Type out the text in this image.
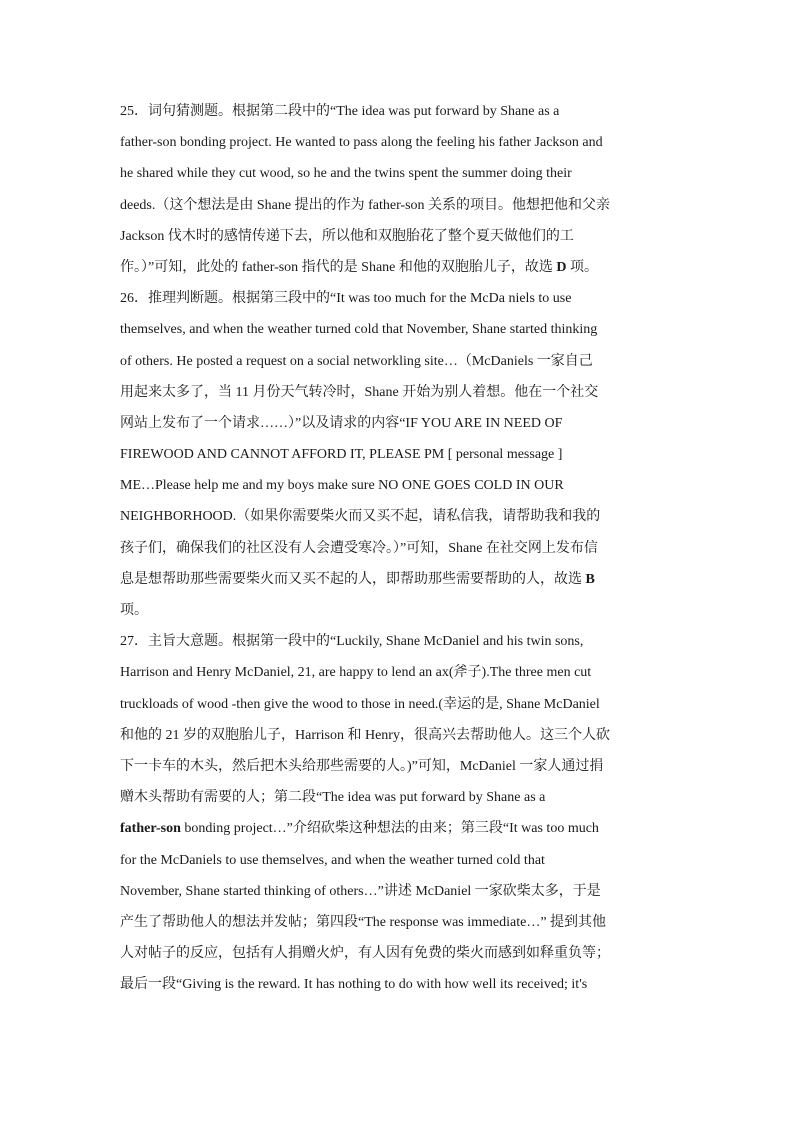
25．词句猜测题。根据第二段中的“The idea was put forward by Shane as a
father-son bonding project. He wanted to pass along the feeling his father Jackson and
he shared while they cut wood, so he and the twins spent the summer doing their
deeds.（这个想法是由 Shane 提出的作为 father-son 关系的项目。他想把他和父亲
Jackson 伐木时的感情传递下去，所以他和双胞胎花了整个夏天做他们的工
作。）”可知，此处的 father-son 指代的是 Shane 和他的双胞胎儿子，故选 D 项。
26．推理判断题。根据第三段中的“It was too much for the McDa niels to use
themselves, and when the weather turned cold that November, Shane started thinking
of others. He posted a request on a social networkling site…（McDaniels 一家自己
用起来太多了，当 11 月份天气转冷时，Shane 开始为别人着想。他在一个社交
网站上发布了一个请求……）”以及请求的内容“IF YOU ARE IN NEED OF
FIREWOOD AND CANNOT AFFORD IT, PLEASE PM [ personal message ]
ME…Please help me and my boys make sure NO ONE GOES COLD IN OUR
NEIGHBORHOOD.（如果你需要柴火而又买不起，请私信我，请帮助我和我的
孩子们，确保我们的社区没有人会遭受寒冷。）”可知，Shane 在社交网上发布信
息是想帮助那些需要柴火而又买不起的人，即帮助那些需要帮助的人，故选 B
项。
27．主旨大意题。根据第一段中的“Luckily, Shane McDaniel and his twin sons,
Harrison and Henry McDaniel, 21, are happy to lend an ax(斧子).The three men cut
truckloads of wood -then give the wood to those in need.(幸运的是, Shane McDaniel
和他的 21 岁的双胞胎儿子，Harrison 和 Henry，很高兴去帮助他人。这三个人砍
下一卡车的木头，然后把木头给那些需要的人。)”可知，McDaniel 一家人通过捐
赠木头帮助有需要的人；第二段“The idea was put forward by Shane as a
father-son bonding project…”介绍砍柴这种想法的由来；第三段“It was too much
for the McDaniels to use themselves, and when the weather turned cold that
November, Shane started thinking of others…”讲述 McDaniel 一家砍柴太多，于是
产生了帮助他人的想法并发帖；第四段“The response was immediate…” 提到其他
人对帖子的反应，包括有人捐赠火炉，有人因有免费的柴火而感到如释重负等；
最后一段“Giving is the reward. It has nothing to do with how well its received; it's
